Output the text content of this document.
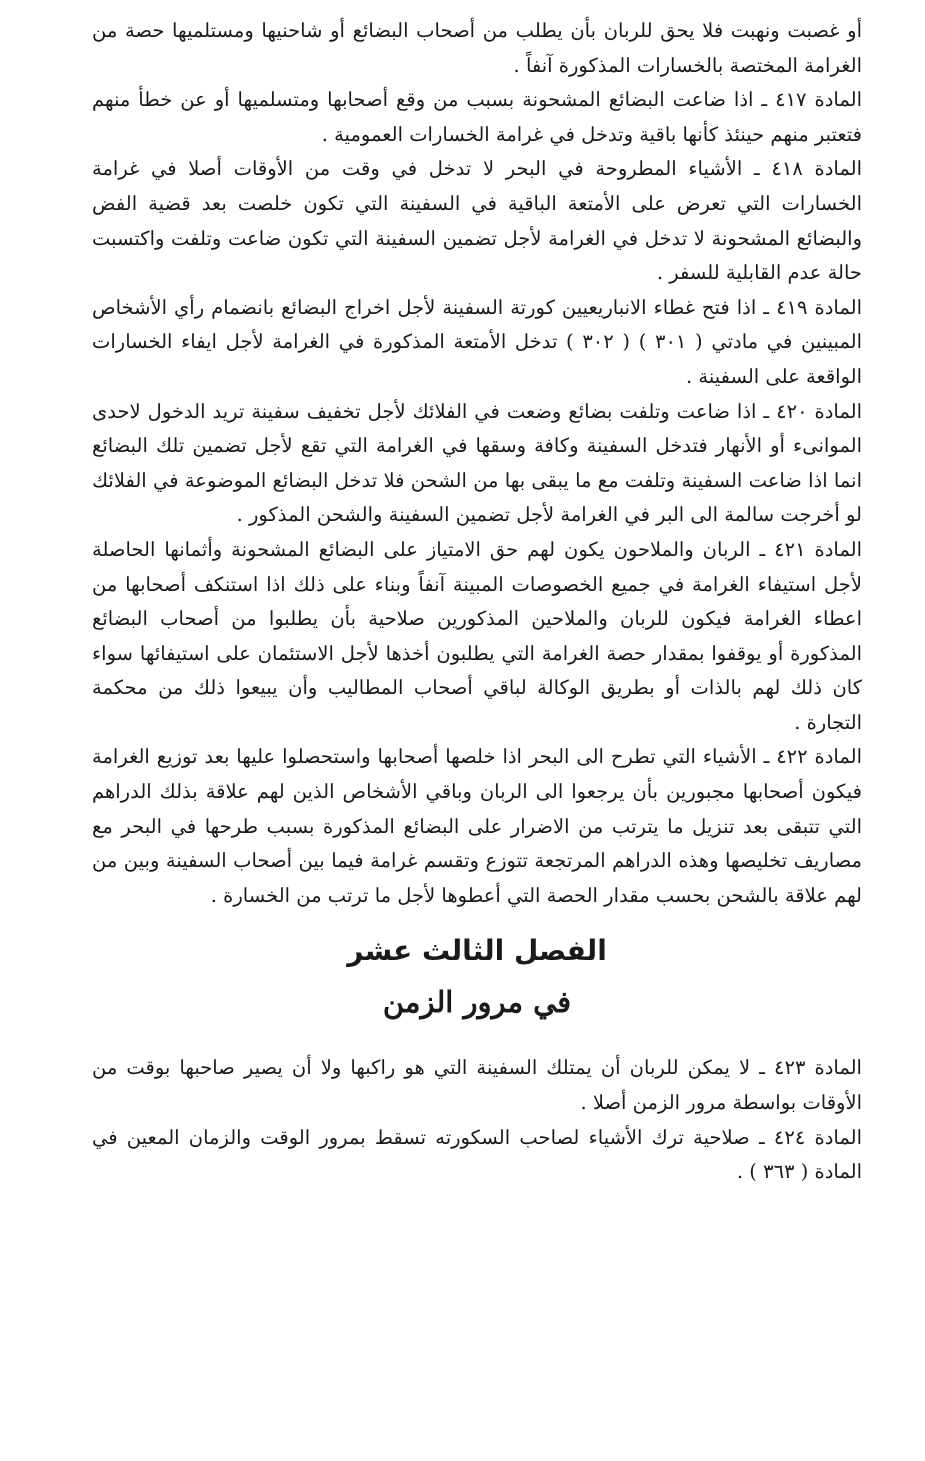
أو غصبت ونهبت فلا يحق للربان بأن يطلب من أصحاب البضائع أو شاحنيها ومستلميها حصة من الغرامة المختصة بالخسارات المذكورة آنفاً .

المادة ٤١٧ ـ اذا ضاعت البضائع المشحونة بسبب من وقع أصحابها ومتسلميها أو عن خطأ منهم فتعتبر منهم حينئذ كأنها باقية وتدخل في غرامة الخسارات العمومية .

المادة ٤١٨ ـ الأشياء المطروحة في البحر لا تدخل في وقت من الأوقات أصلا في غرامة الخسارات التي تعرض على الأمتعة الباقية في السفينة التي تكون خلصت بعد قضية الفض والبضائع المشحونة لا تدخل في الغرامة لأجل تضمين السفينة التي تكون ضاعت وتلفت واكتسبت حالة عدم القابلية للسفر .

المادة ٤١٩ ـ اذا فتح غطاء الانباريعيين كورتة السفينة لأجل اخراج البضائع بانضمام رأي الأشخاص المبينين في مادتي ( ٣٠١ ) ( ٣٠٢ ) تدخل الأمتعة المذكورة في الغرامة لأجل ايفاء الخسارات الواقعة على السفينة .

المادة ٤٢٠ ـ اذا ضاعت وتلفت بضائع وضعت في الفلائك لأجل تخفيف سفينة تريد الدخول لاحدى الموانىء أو الأنهار فتدخل السفينة وكافة وسقها في الغرامة التي تقع لأجل تضمين تلك البضائع انما اذا ضاعت السفينة وتلفت مع ما يبقى بها من الشحن فلا تدخل البضائع الموضوعة في الفلائك لو أخرجت سالمة الى البر في الغرامة لأجل تضمين السفينة والشحن المذكور .

المادة ٤٢١ ـ الربان والملاحون يكون لهم حق الامتياز على البضائع المشحونة وأثمانها الحاصلة لأجل استيفاء الغرامة في جميع الخصوصات المبينة آنفاً وبناء على ذلك اذا استنكف أصحابها من اعطاء الغرامة فيكون للربان والملاحين المذكورين صلاحية بأن يطلبوا من أصحاب البضائع المذكورة أو يوقفوا بمقدار حصة الغرامة التي يطلبون أخذها لأجل الاستئمان على استيفائها سواء كان ذلك لهم بالذات أو بطريق الوكالة لباقي أصحاب المطاليب وأن يبيعوا ذلك من محكمة التجارة .

المادة ٤٢٢ ـ الأشياء التي تطرح الى البحر اذا خلصها أصحابها واستحصلوا عليها بعد توزيع الغرامة فيكون أصحابها مجبورين بأن يرجعوا الى الربان وباقي الأشخاص الذين لهم علاقة بذلك الدراهم التي تتبقى بعد تنزيل ما يترتب من الاضرار على البضائع المذكورة بسبب طرحها في البحر مع مصاريف تخليصها وهذه الدراهم المرتجعة تتوزع وتقسم غرامة فيما بين أصحاب السفينة وبين من لهم علاقة بالشحن بحسب مقدار الحصة التي أعطوها لأجل ما ترتب من الخسارة .

الفصل الثالث عشر
في مرور الزمن

المادة ٤٢٣ ـ لا يمكن للربان أن يمتلك السفينة التي هو راكبها ولا أن يصير صاحبها بوقت من الأوقات بواسطة مرور الزمن أصلا .

المادة ٤٢٤ ـ صلاحية ترك الأشياء لصاحب السكورته تسقط بمرور الوقت والزمان المعين في المادة ( ٣٦٣ ) .
